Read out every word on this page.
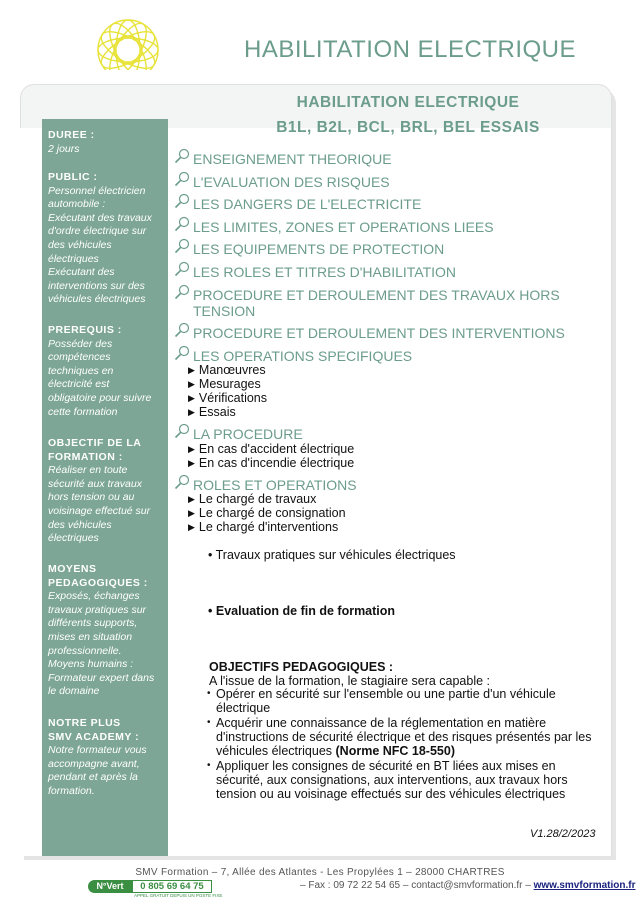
HABILITATION ELECTRIQUE
HABILITATION ELECTRIQUE
B1L, B2L, BCL, BRL, BEL ESSAIS
DUREE :
2 jours
PUBLIC :
Personnel électricien
automobile :
Exécutant des travaux
d'ordre électrique sur
des véhicules
électriques
Exécutant des
interventions sur des
véhicules électriques
PREREQUIS :
Posséder des
compétences
techniques en
électricité est
obligatoire pour suivre
cette formation
OBJECTIF DE LA
FORMATION :
Réaliser en toute
sécurité aux travaux
hors tension ou au
voisinage effectué sur
des véhicules
électriques
MOYENS
PEDAGOGIQUES :
Exposés, échanges
travaux pratiques sur
différents supports,
mises en situation
professionnelle.
Moyens humains :
Formateur expert dans
le domaine
NOTRE PLUS
SMV ACADEMY :
Notre formateur vous
accompagne avant,
pendant et après la
formation.
ENSEIGNEMENT THEORIQUE
L'EVALUATION DES RISQUES
LES DANGERS DE L'ELECTRICITE
LES LIMITES, ZONES ET OPERATIONS LIEES
LES EQUIPEMENTS DE PROTECTION
LES ROLES ET TITRES D'HABILITATION
PROCEDURE ET DEROULEMENT DES TRAVAUX HORS
TENSION
PROCEDURE ET DEROULEMENT DES INTERVENTIONS
LES OPERATIONS SPECIFIQUES
▶ Manœuvres
▶ Mesurages
▶ Vérifications
▶ Essais
LA PROCEDURE
▶ En cas d'accident électrique
▶ En cas d'incendie électrique
ROLES ET OPERATIONS
▶ Le chargé de travaux
▶ Le chargé de consignation
▶ Le chargé d'interventions
• Travaux pratiques sur véhicules électriques
• Evaluation de fin de formation
OBJECTIFS PEDAGOGIQUES :
A l'issue de la formation, le stagiaire sera capable :
• Opérer en sécurité sur l'ensemble ou une partie d'un véhicule
électrique
• Acquérir une connaissance de la réglementation en matière
d'instructions de sécurité électrique et des risques présentés par les
véhicules électriques (Norme NFC 18-550)
• Appliquer les consignes de sécurité en BT liées aux mises en
sécurité, aux consignations, aux interventions, aux travaux hors
tension ou au voisinage effectués sur des véhicules électriques
V1.28/2/2023
SMV Formation – 7, Allée des Atlantes - Les Propylées 1 – 28000 CHARTRES
N°Vert	0 805 69 64 75
APPEL GRATUIT DEPUIS UN POSTE FIXE
– Fax : 09 72 22 54 65 – contact@smvformation.fr – www.smvformation.fr
